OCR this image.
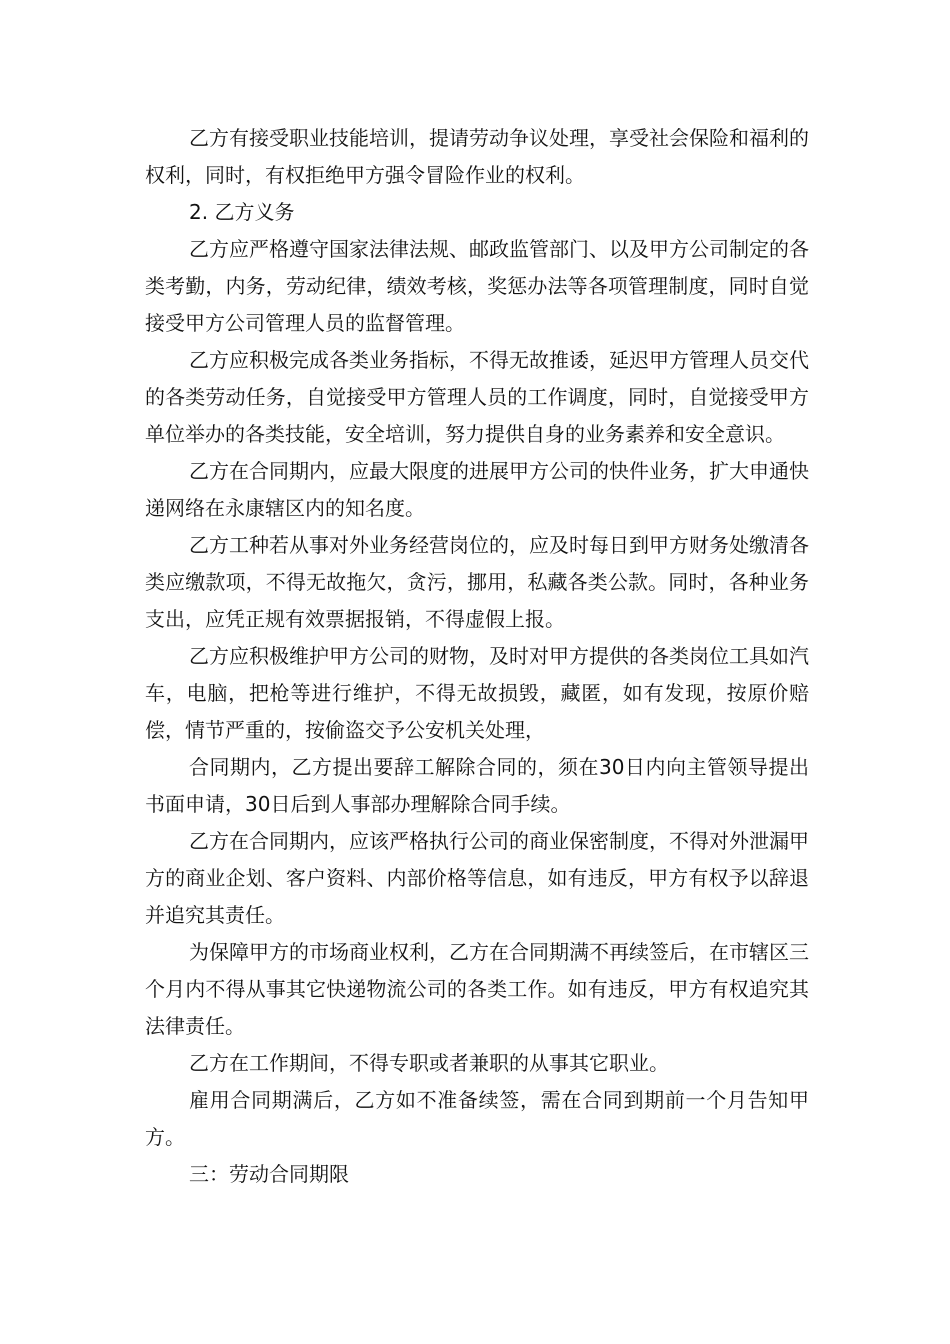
乙方有接受职业技能培训，提请劳动争议处理，享受社会保险和福利的权利，同时，有权拒绝甲方强令冒险作业的权利。

2. 乙方义务

乙方应严格遵守国家法律法规、邮政监管部门、以及甲方公司制定的各类考勤，内务，劳动纪律，绩效考核，奖惩办法等各项管理制度，同时自觉接受甲方公司管理人员的监督管理。

乙方应积极完成各类业务指标，不得无故推诿，延迟甲方管理人员交代的各类劳动任务，自觉接受甲方管理人员的工作调度，同时，自觉接受甲方单位举办的各类技能，安全培训，努力提供自身的业务素养和安全意识。

乙方在合同期内，应最大限度的进展甲方公司的快件业务，扩大申通快递网络在永康辖区内的知名度。

乙方工种若从事对外业务经营岗位的，应及时每日到甲方财务处缴清各类应缴款项，不得无故拖欠，贪污，挪用，私藏各类公款。同时，各种业务支出，应凭正规有效票据报销，不得虚假上报。

乙方应积极维护甲方公司的财物，及时对甲方提供的各类岗位工具如汽车，电脑，把枪等进行维护，不得无故损毁，藏匿，如有发现，按原价赔偿，情节严重的，按偷盗交予公安机关处理，

合同期内，乙方提出要辞工解除合同的，须在30日内向主管领导提出书面申请，30日后到人事部办理解除合同手续。

乙方在合同期内，应该严格执行公司的商业保密制度，不得对外泄漏甲方的商业企划、客户资料、内部价格等信息，如有违反，甲方有权予以辞退并追究其责任。

为保障甲方的市场商业权利，乙方在合同期满不再续签后，在市辖区三个月内不得从事其它快递物流公司的各类工作。如有违反，甲方有权追究其法律责任。

乙方在工作期间，不得专职或者兼职的从事其它职业。

雇用合同期满后，乙方如不准备续签，需在合同到期前一个月告知甲方。

三：劳动合同期限
